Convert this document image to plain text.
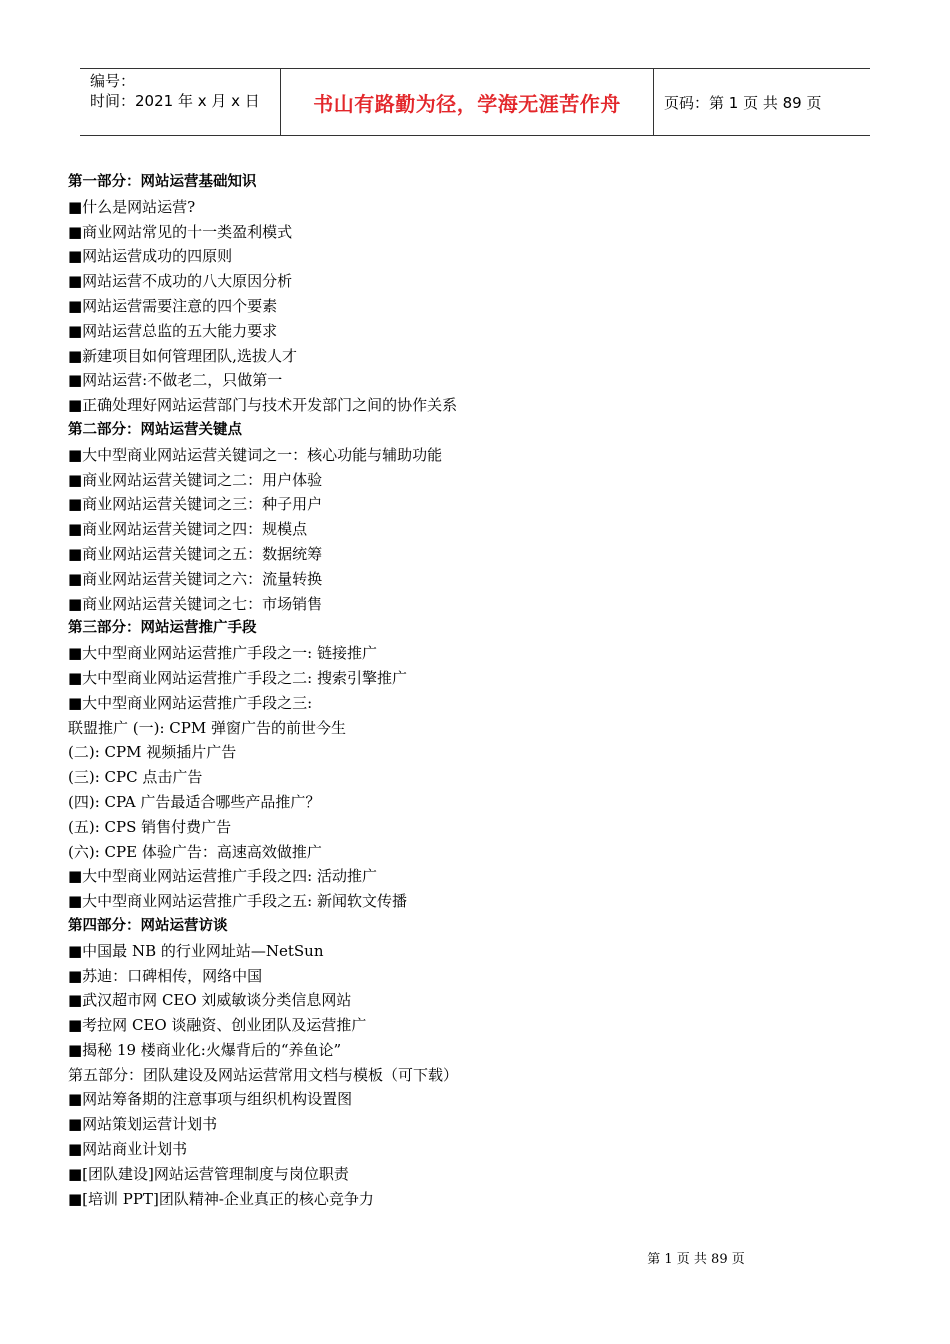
编号：
时间：2021 年 x 月 x 日	书山有路勤为径，学海无涯苦作舟	页码：第 1 页 共 89 页
第一部分：网站运营基础知识
■什么是网站运营?
■商业网站常见的十一类盈利模式
■网站运营成功的四原则
■网站运营不成功的八大原因分析
■网站运营需要注意的四个要素
■网站运营总监的五大能力要求
■新建项目如何管理团队,选拔人才
■网站运营:不做老二，只做第一
■正确处理好网站运营部门与技术开发部门之间的协作关系
第二部分：网站运营关键点
■大中型商业网站运营关键词之一：核心功能与辅助功能
■商业网站运营关键词之二：用户体验
■商业网站运营关键词之三：种子用户
■商业网站运营关键词之四：规模点
■商业网站运营关键词之五：数据统筹
■商业网站运营关键词之六：流量转换
■商业网站运营关键词之七：市场销售
第三部分：网站运营推广手段
■大中型商业网站运营推广手段之一: 链接推广
■大中型商业网站运营推广手段之二: 搜索引擎推广
■大中型商业网站运营推广手段之三:
联盟推广 (一): CPM 弹窗广告的前世今生
(二): CPM 视频插片广告
(三): CPC 点击广告
(四): CPA 广告最适合哪些产品推广？
(五): CPS 销售付费广告
(六): CPE 体验广告：高速高效做推广
■大中型商业网站运营推广手段之四: 活动推广
■大中型商业网站运营推广手段之五: 新闻软文传播
第四部分：网站运营访谈
■中国最 NB 的行业网址站—NetSun
■苏迪：口碑相传，网络中国
■武汉超市网 CEO 刘威敏谈分类信息网站
■考拉网 CEO 谈融资、创业团队及运营推广
■揭秘 19 楼商业化:火爆背后的“养鱼论”
第五部分：团队建设及网站运营常用文档与模板（可下载）
■网站筹备期的注意事项与组织机构设置图
■网站策划运营计划书
■网站商业计划书
■[团队建设]网站运营管理制度与岗位职责
■[培训 PPT]团队精神-企业真正的核心竞争力
第 1 页 共 89 页
